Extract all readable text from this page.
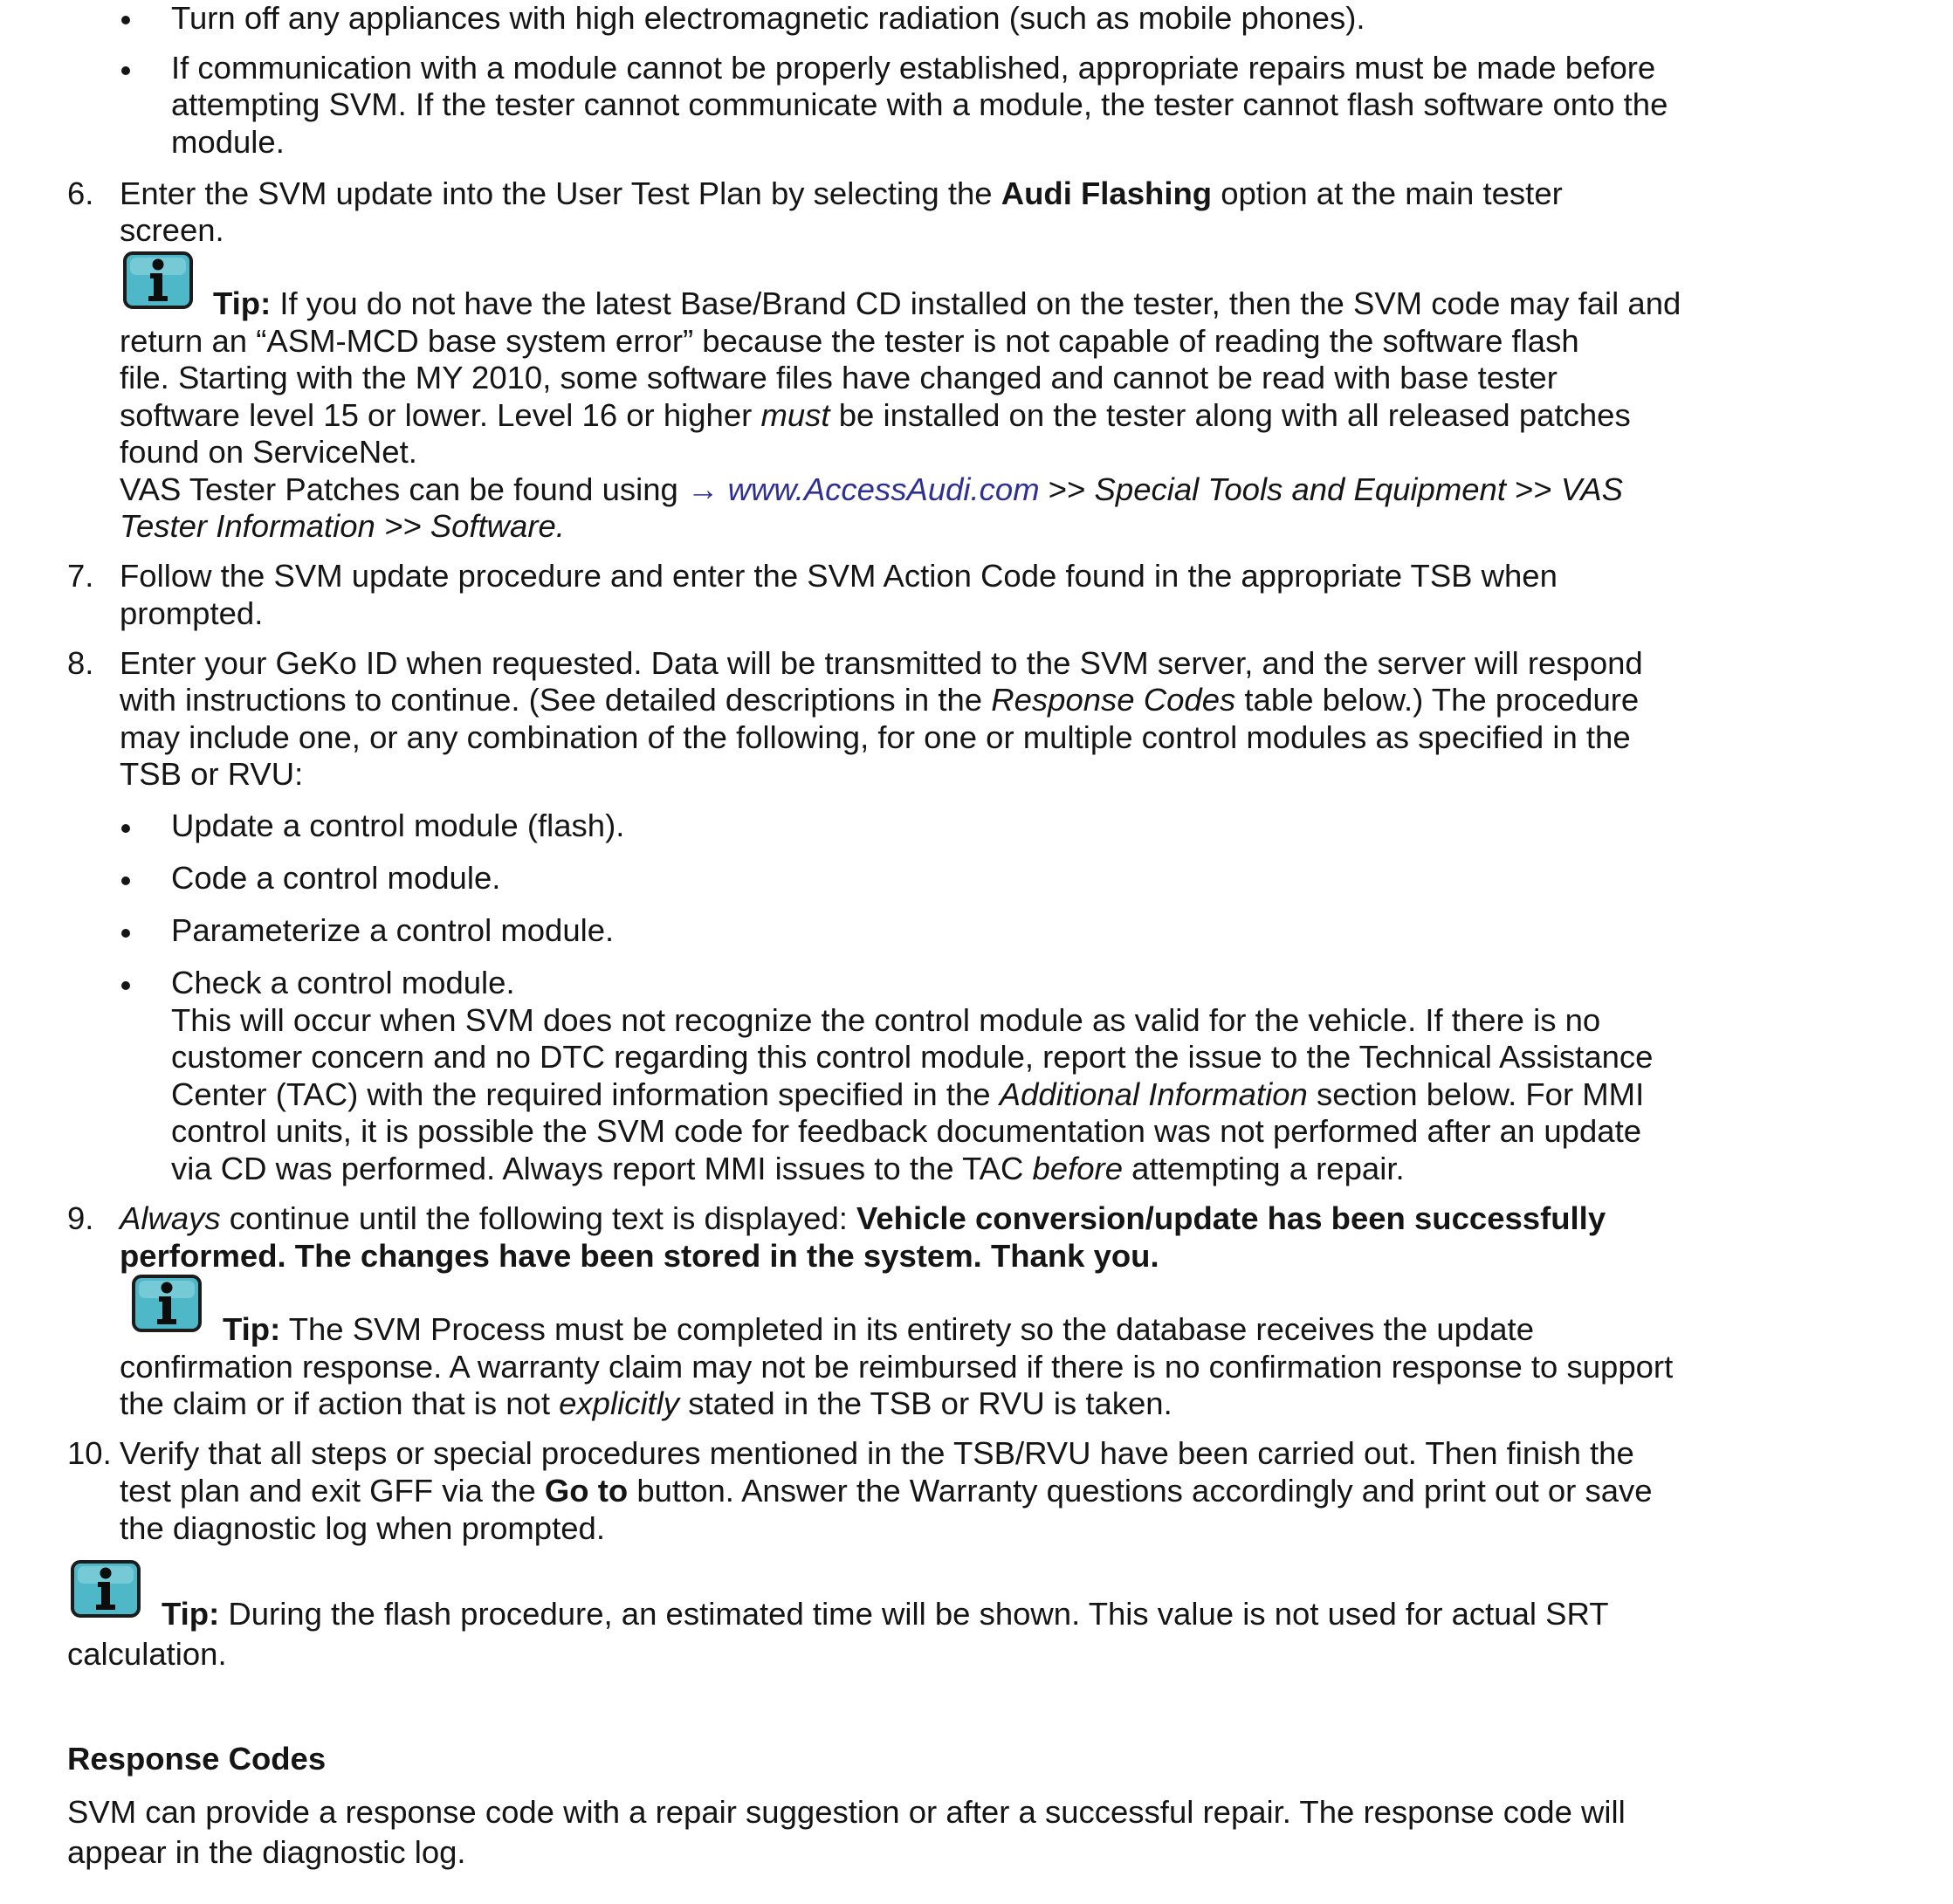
Turn off any appliances with high electromagnetic radiation (such as mobile phones).
If communication with a module cannot be properly established, appropriate repairs must be made before
attempting SVM. If the tester cannot communicate with a module, the tester cannot flash software onto the
module.
6. Enter the SVM update into the User Test Plan by selecting the Audi Flashing option at the main tester
screen.
Tip: If you do not have the latest Base/Brand CD installed on the tester, then the SVM code may fail and
return an “ASM-MCD base system error” because the tester is not capable of reading the software flash
file. Starting with the MY 2010, some software files have changed and cannot be read with base tester
software level 15 or lower. Level 16 or higher must be installed on the tester along with all released patches
found on ServiceNet.
VAS Tester Patches can be found using → www.AccessAudi.com >> Special Tools and Equipment >> VAS
Tester Information >> Software.
7. Follow the SVM update procedure and enter the SVM Action Code found in the appropriate TSB when
prompted.
8. Enter your GeKo ID when requested. Data will be transmitted to the SVM server, and the server will respond
with instructions to continue. (See detailed descriptions in the Response Codes table below.) The procedure
may include one, or any combination of the following, for one or multiple control modules as specified in the
TSB or RVU:
Update a control module (flash).
Code a control module.
Parameterize a control module.
Check a control module.
This will occur when SVM does not recognize the control module as valid for the vehicle. If there is no
customer concern and no DTC regarding this control module, report the issue to the Technical Assistance
Center (TAC) with the required information specified in the Additional Information section below. For MMI
control units, it is possible the SVM code for feedback documentation was not performed after an update
via CD was performed. Always report MMI issues to the TAC before attempting a repair.
9. Always continue until the following text is displayed: Vehicle conversion/update has been successfully
performed. The changes have been stored in the system. Thank you.
Tip: The SVM Process must be completed in its entirety so the database receives the update
confirmation response. A warranty claim may not be reimbursed if there is no confirmation response to support
the claim or if action that is not explicitly stated in the TSB or RVU is taken.
10. Verify that all steps or special procedures mentioned in the TSB/RVU have been carried out. Then finish the
test plan and exit GFF via the Go to button. Answer the Warranty questions accordingly and print out or save
the diagnostic log when prompted.
Tip: During the flash procedure, an estimated time will be shown. This value is not used for actual SRT
calculation.
Response Codes
SVM can provide a response code with a repair suggestion or after a successful repair. The response code will
appear in the diagnostic log.
